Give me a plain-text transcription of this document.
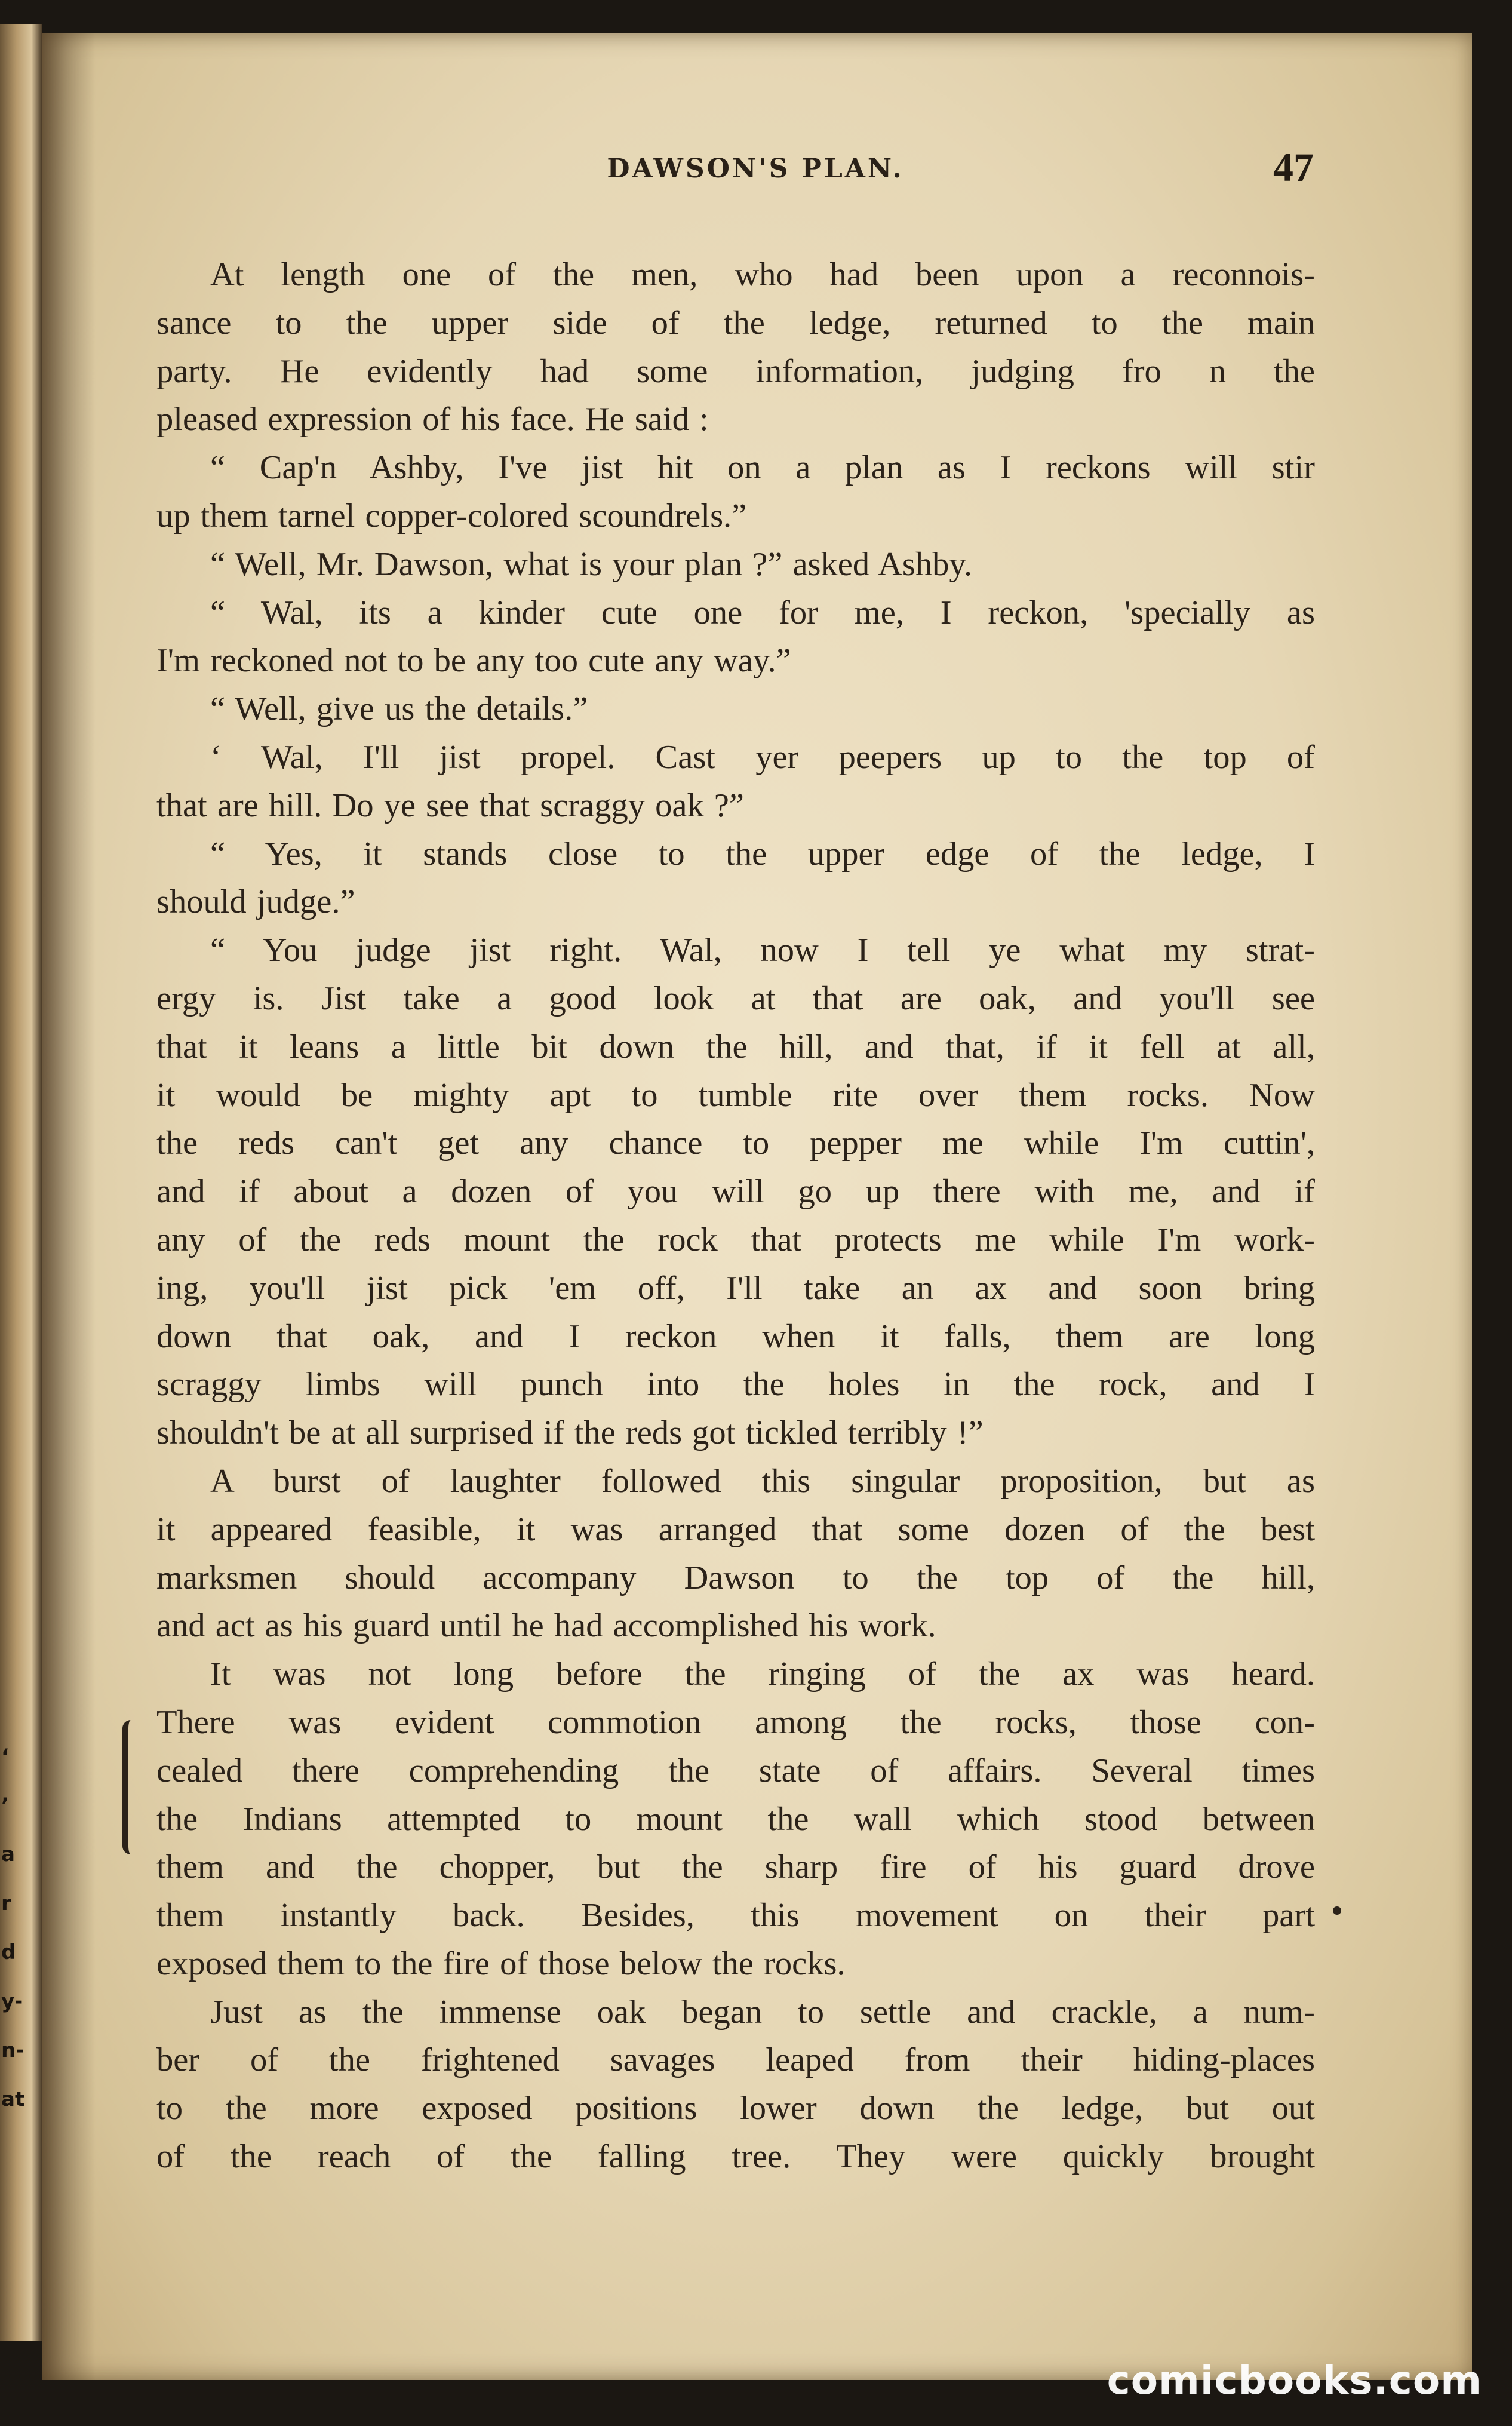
‘
’
a
r
d
y-
n-
at
DAWSON'S PLAN.	47
At length one of the men, who had been upon a reconnois-
sance to the upper side of the ledge, returned to the main
party. He evidently had some information, judging fro n the
pleased expression of his face. He said :
“ Cap'n Ashby, I've jist hit on a plan as I reckons will stir
up them tarnel copper-colored scoundrels.”
“ Well, Mr. Dawson, what is your plan ?” asked Ashby.
“ Wal, its a kinder cute one for me, I reckon, 'specially as
I'm reckoned not to be any too cute any way.”
“ Well, give us the details.”
‘ Wal, I'll jist propel. Cast yer peepers up to the top of
that are hill. Do ye see that scraggy oak ?”
“ Yes, it stands close to the upper edge of the ledge, I
should judge.”
“ You judge jist right. Wal, now I tell ye what my strat-
ergy is. Jist take a good look at that are oak, and you'll see
that it leans a little bit down the hill, and that, if it fell at all,
it would be mighty apt to tumble rite over them rocks. Now
the reds can't get any chance to pepper me while I'm cuttin',
and if about a dozen of you will go up there with me, and if
any of the reds mount the rock that protects me while I'm work-
ing, you'll jist pick 'em off, I'll take an ax and soon bring
down that oak, and I reckon when it falls, them are long
scraggy limbs will punch into the holes in the rock, and I
shouldn't be at all surprised if the reds got tickled terribly !”
A burst of laughter followed this singular proposition, but as
it appeared feasible, it was arranged that some dozen of the best
marksmen should accompany Dawson to the top of the hill,
and act as his guard until he had accomplished his work.
It was not long before the ringing of the ax was heard.
There was evident commotion among the rocks, those con-
cealed there comprehending the state of affairs. Several times
the Indians attempted to mount the wall which stood between
them and the chopper, but the sharp fire of his guard drove
them instantly back. Besides, this movement on their part
exposed them to the fire of those below the rocks.
Just as the immense oak began to settle and crackle, a num-
ber of the frightened savages leaped from their hiding-places
to the more exposed positions lower down the ledge, but out
of the reach of the falling tree. They were quickly brought
comicbooks.com
